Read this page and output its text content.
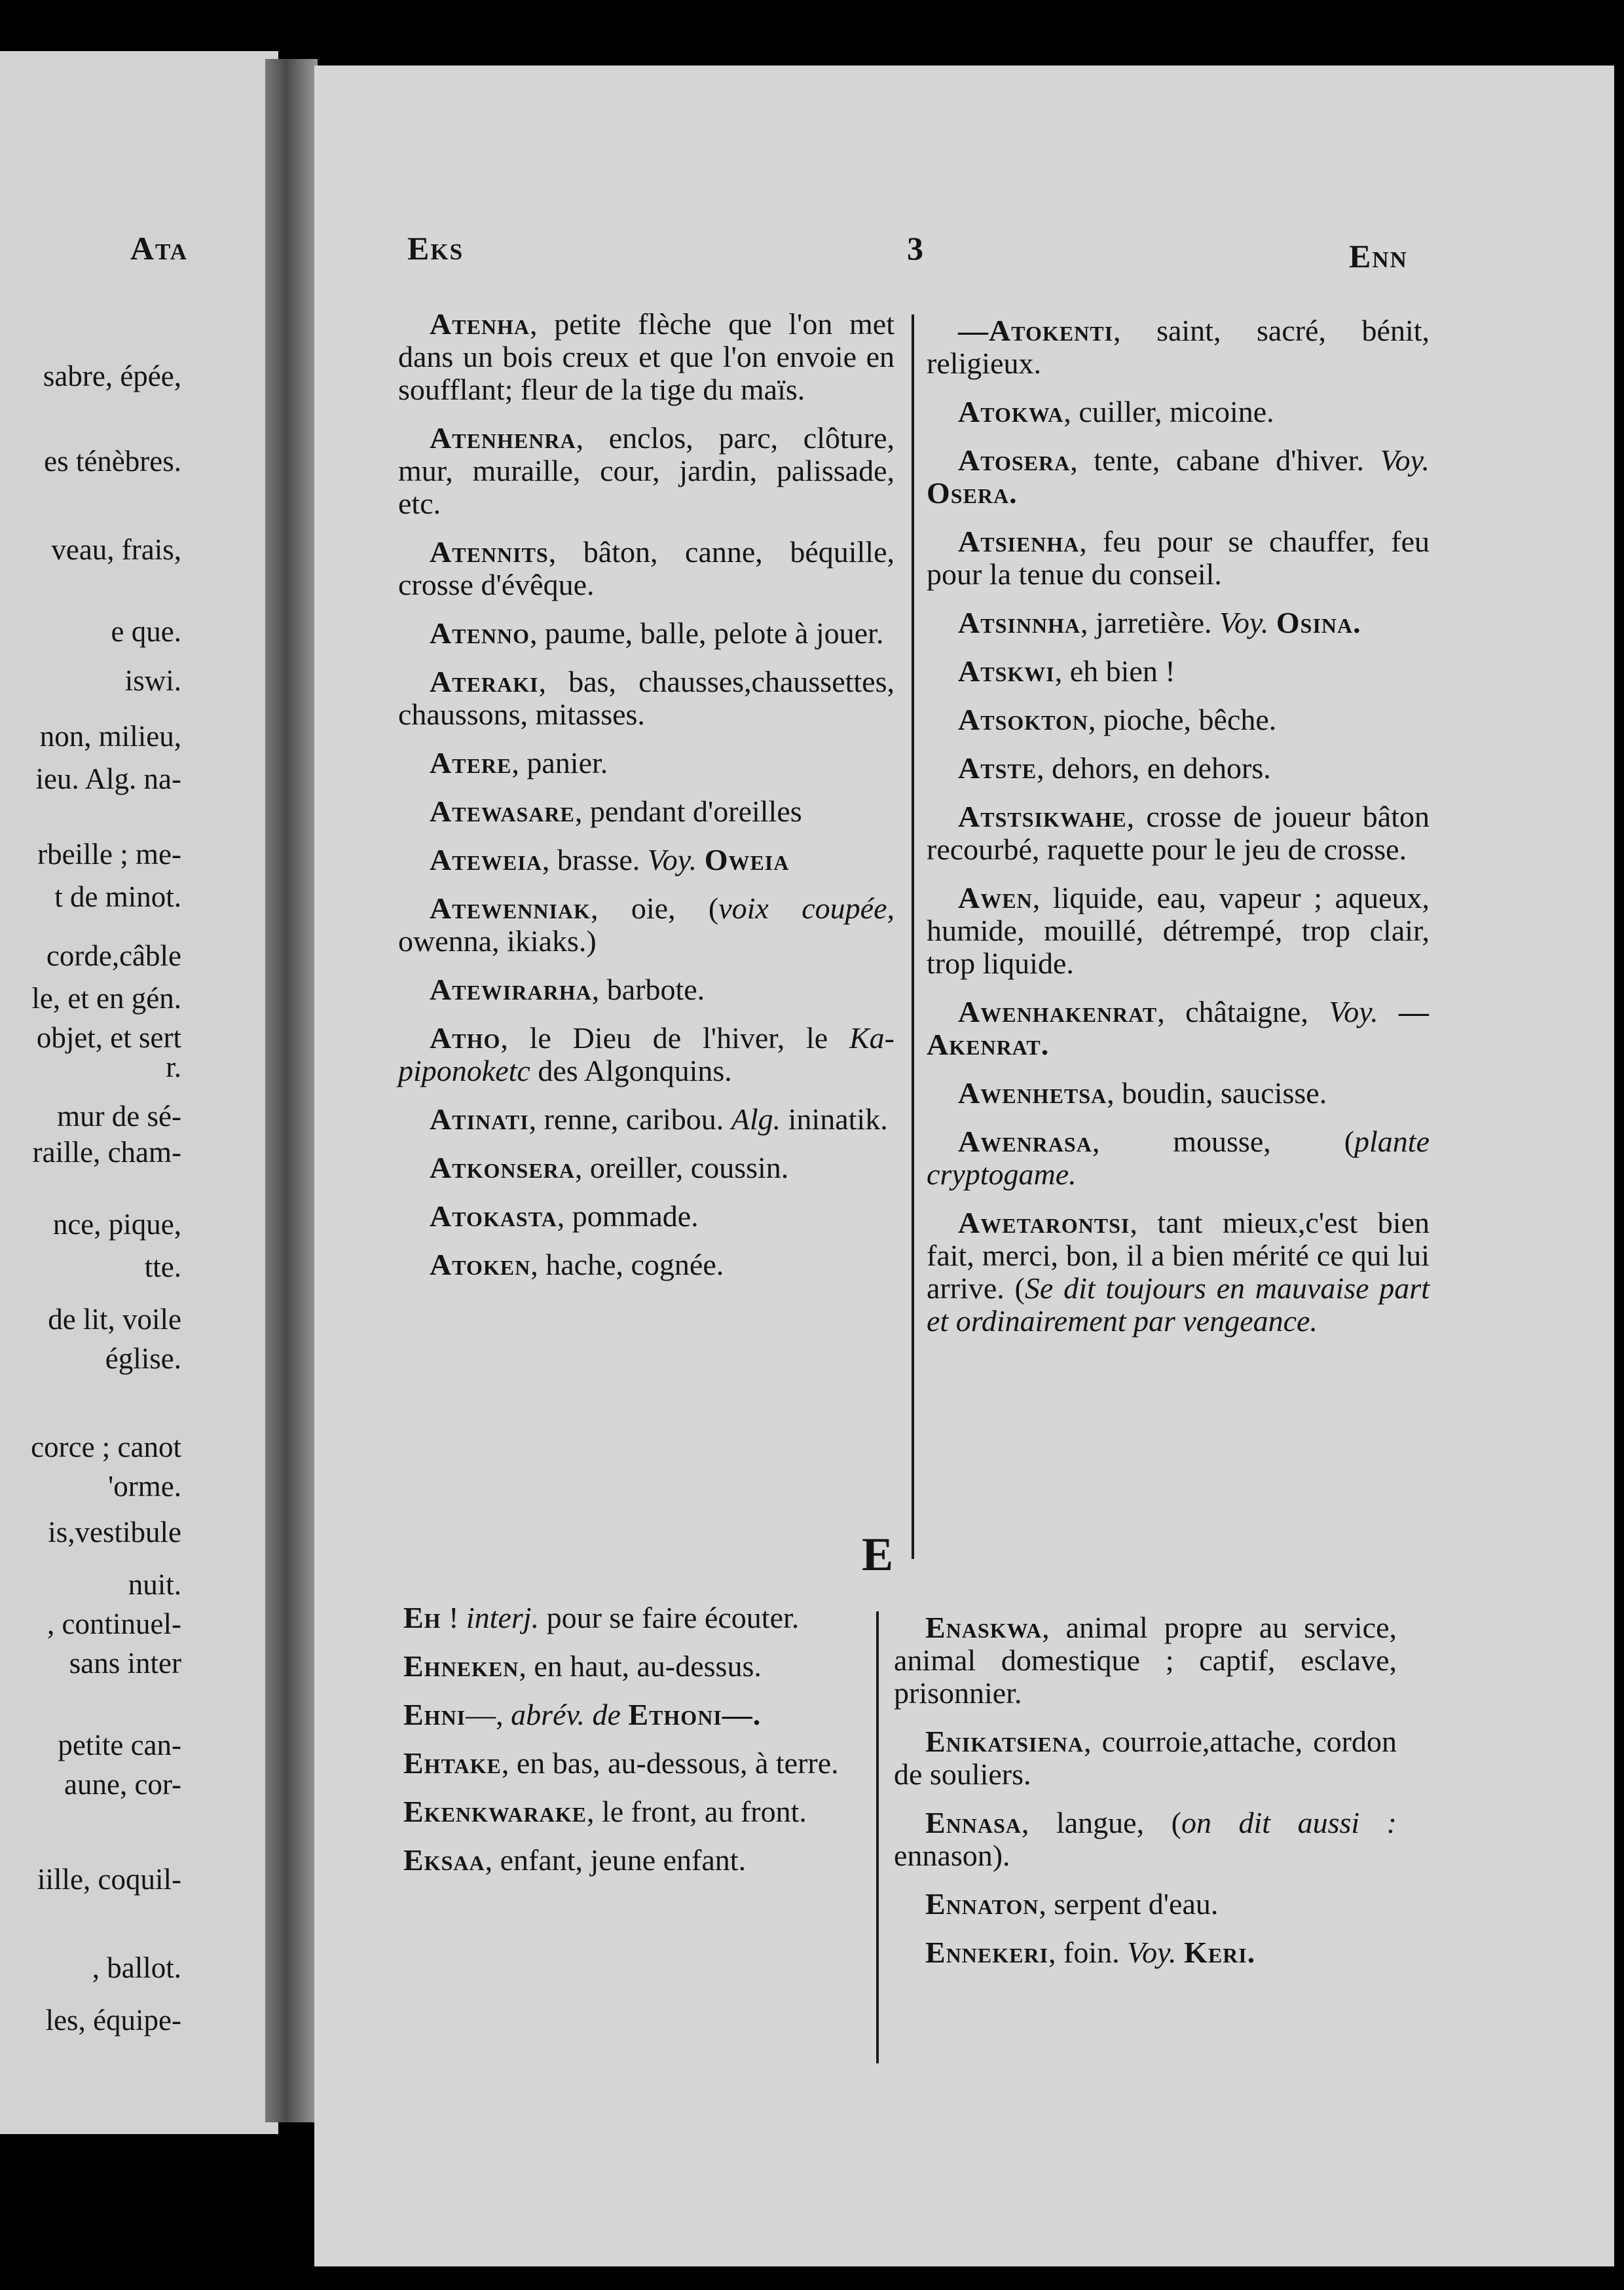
Ata
sabre, épée,
es ténèbres.
veau, frais,
e que.
iswi.
non, milieu,
ieu. Alg. na-
rbeille ; me-
t de minot.
corde,câble
le, et en gén.
objet, et sert
r.
mur de sé-
raille, cham-
nce, pique,
tte.
de lit, voile
église.
corce ; canot
'orme.
is,vestibule
nuit.
, continuel-
sans inter
petite can-
aune, cor-
iille, coquil-
, ballot.
les, équipe-
Eks	3	Enn

Atenha, petite flèche que l'on met dans un bois creux et que l'on envoie en soufflant; fleur de la tige du maïs.

Atenhenra, enclos, parc, clôture, mur, muraille, cour, jardin, palissade, etc.

Atennits, bâton, canne, béquille, crosse d'évêque.

Atenno, paume, balle, pelote à jouer.

Ateraki, bas, chausses,chaussettes, chaussons, mitasses.

Atere, panier.

Atewasare, pendant d'oreilles

Ateweia, brasse. Voy. Oweia

Atewenniak, oie, (voix coupée, owenna, ikiaks.)

Atewirarha, barbote.

Atho, le Dieu de l'hiver, le Ka-piponoketc des Algonquins.

Atinati, renne, caribou. Alg. ininatik.

Atkonsera, oreiller, coussin.

Atokasta, pommade.

Atoken, hache, cognée.

—Atokenti, saint, sacré, bénit, religieux.

Atokwa, cuiller, micoine.

Atosera, tente, cabane d'hiver. Voy. Osera.

Atsienha, feu pour se chauffer, feu pour la tenue du conseil.

Atsinnha, jarretière. Voy. Osina.

Atskwi, eh bien !

Atsokton, pioche, bêche.

Atste, dehors, en dehors.

Atstsikwahe, crosse de joueur bâton recourbé, raquette pour le jeu de crosse.

Awen, liquide, eau, vapeur ; aqueux, humide, mouillé, détrempé, trop clair, trop liquide.

Awenhakenrat, châtaigne, Voy. —Akenrat.

Awenhetsa, boudin, saucisse.

Awenrasa, mousse, (plante cryptogame.

Awetarontsi, tant mieux,c'est bien fait, merci, bon, il a bien mérité ce qui lui arrive. (Se dit toujours en mauvaise part et ordinairement par vengeance.

E

Eh ! interj. pour se faire écouter.

Ehneken, en haut, au-dessus.

Ehni—, abrév. de Ethoni—.

Ehtake, en bas, au-dessous, à terre.

Ekenkwarake, le front, au front.

Eksaa, enfant, jeune enfant.

Enaskwa, animal propre au service, animal domestique ; captif, esclave, prisonnier.

Enikatsiena, courroie,attache, cordon de souliers.

Ennasa, langue, (on dit aussi : ennason).

Ennaton, serpent d'eau.

Ennekeri, foin. Voy. Keri.
